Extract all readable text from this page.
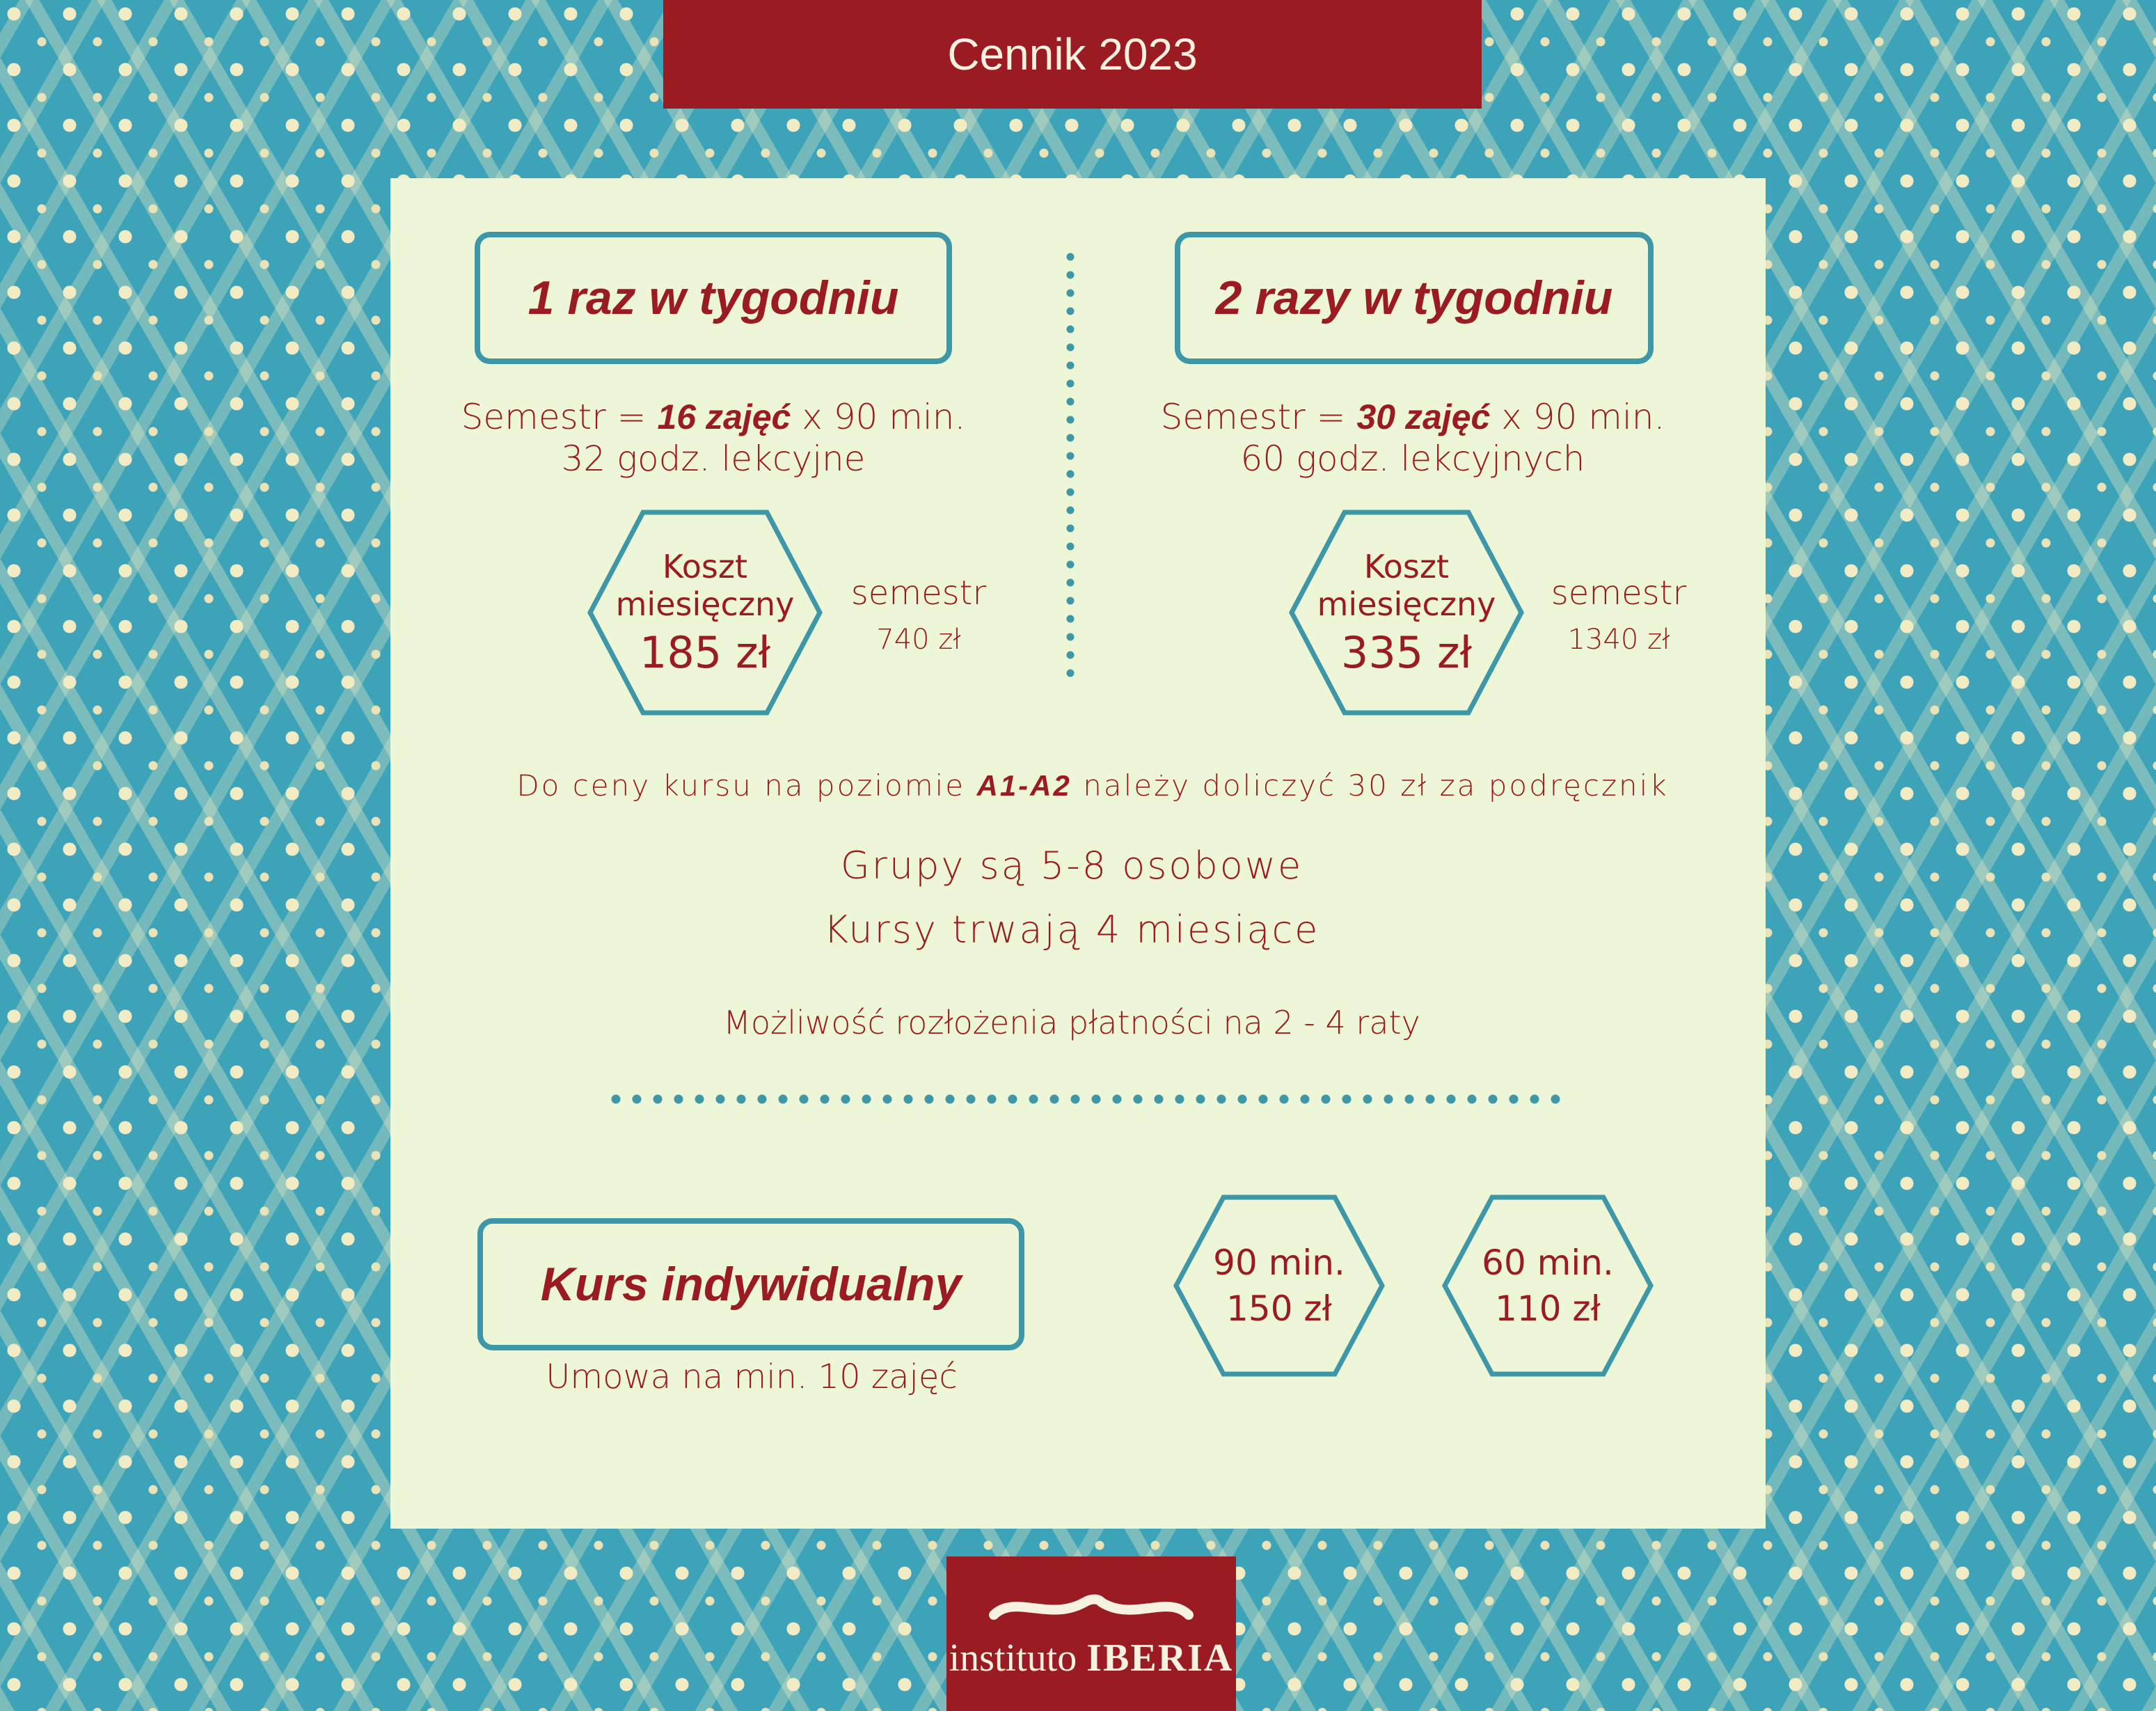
Cennik 2023
1 raz w tygodniu
Semestr = 16 zajęć x 90 min.
32 godz. lekcyjne
Koszt
miesięczny
185 zł
semestr
740 zł
2 razy w tygodniu
Semestr = 30 zajęć x 90 min.
60 godz. lekcyjnych
Koszt
miesięczny
335 zł
semestr
1340 zł
Do ceny kursu na poziomie A1-A2 należy doliczyć 30 zł za podręcznik
Grupy są 5-8 osobowe
Kursy trwają 4 miesiące
Możliwość rozłożenia płatności na 2 - 4 raty
Kurs indywidualny
Umowa na min. 10 zajęć
90 min.
150 zł
60 min.
110 zł
instituto IBERIA
